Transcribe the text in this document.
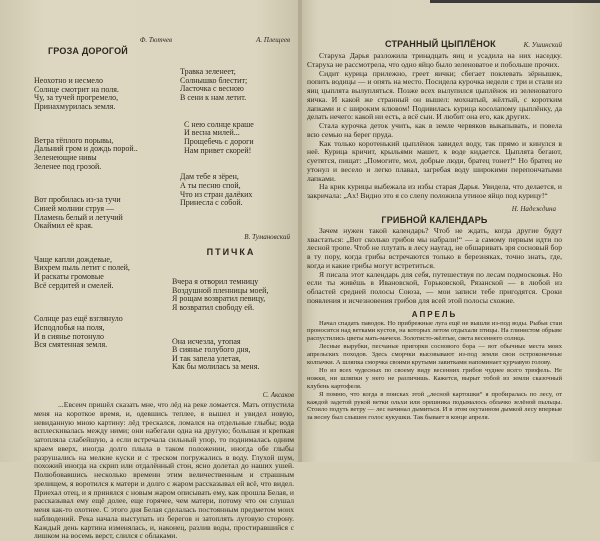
Ф. Тютчев
ГРОЗА ДОРОГОЙ

Неохотно и несмело
Солнце смотрит на поля.
Чу, за тучей прогремело,
Принахмурилась земля.

Ветра тёплого порывы,
Дальний гром и дождь порой..
Зеленеющие нивы
Зеленее под грозой.

Вот пробилась из-за тучи
Синей молнии струя —
Пламень белый и летучий
Окаймил её края.

Чаще капли дождевые,
Вихрем пыль летит с полей,
И раскаты громовые
Всё сердитей и смелей.

Солнце раз ещё взглянуло
Исподлобья на поля,
И в сиянье потонуло
Вся смятенная земля.

А. Плещеев

Травка зеленеет,
Солнышко блестит;
Ласточка с весною
В сени к нам летит.

С нею солнце краше
И весна милей...
Прощебечь с дороги
Нам привет скорей!

Дам тебе я зёрен,
А ты песню спой,
Что из стран далёких
Принесла с собой.

В. Тумановский
ПТИЧКА

Вчера я отворил темницу
Воздушной пленницы моей,
Я рощам возвратил певицу,
Я возвратил свободу ей.

Она исчезла, утопая
В сиянье голубого дня,
И так запела улетая,
Как бы молилась за меня.

С. Аксаков

...Евсеич пришёл сказать мне, что лёд на реке ломается. Мать отпустила меня на короткое время, и, одевшись теплее, я вышел и увидел новую, невиданную мною картину: лёд трескался, ломался на отдельные глыбы; вода всплескивалась между ними; они набегали одна на другую; большая и крепкая затопляла слабейшую, а если встречала сильный упор, то поднималась одним краем вверх, иногда долго плыла в таком положении, иногда обе глыбы разрушались на мелкие куски и с треском погружались в воду. Глухой шум, похожий иногда на скрип или отдалённый стон, ясно долетал до наших ушей. Полюбовавшись несколько времени этим величественным и страшным зрелищем, я воротился к матери и долго с жаром рассказывал ей всё, что видел. Приехал отец, и я принялся с новым жаром описывать ему, как прошла Белая, и рассказывал ему ещё долее, еще горячее, чем матери, потому что он слушал меня как-то охотнее. С этого дня Белая сделалась постоянным предметом моих наблюдений. Река начала выступать из берегов и затоплять луговую сторону. Каждый день картина изменялась, и, наконец, разлив воды, простиравшийся с лишком на восемь верст, слился с облаками.

СТРАННЫЙ ЦЫПЛЁНОК	К. Ушинский

Старуха Дарья разложила тринадцать яиц и усадила на них наседку. Старуха не рассмотрела, что одно яйцо было зеленоватое и побольше прочих.

Сидит курица прилежно, греет яички; сбегает поклевать зёрнышек, попить водицы — и опять на место. Посидела курочка недели с три и стали из яиц цыплята вылупляться. Позже всех вылупился цыплёнок из зеленоватого яичка. И какой же странный он вышел: мохнатый, жёлтый, с коротким лапками и с широким клювом! Подивилась курица косолапому цыплёнку, да делать нечего: какой ни есть, а всё сын. И любит она его, как других.

Стала курочка деток учить, как в земле червяков выкапывать, и повела всю семью на берег пруда.

Как только коротенький цыплёнок завидел воду, так прямо и кинулся в неё. Курица кричит, крыльями машет, к воде кидается. Цыплята бегают, суетятся, пищат: „Помогите, мол, добрые люди, братец тонет!“ Но братец не утонул и весело и легко плавал, загребая воду широкими перепончатыми лапками.

На крик курицы выбежала из избы старая Дарья. Увидела, что делается, и закричала: „Ах! Видно это я со слепу положила утиное яйцо под курицу!“

Н. Надеждина
ГРИБНОЙ КАЛЕНДАРЬ

Зачем нужен такой календарь? Чтоб не ждать, когда другие будут хвастаться: „Вот сколько грибов мы набрали!“ — а самому первым идти по лесной тропе. Чтоб не плутать в лесу наугад, не обшаривать зря сосновый бор в ту пору, когда грибы встречаются только в березняках, точно знать, где, когда и какие грибы могут встретиться.

Я писала этот календарь для себя, путешествуя по лесам подмосковья. Но если ты живёшь в Ивановской, Горьковской, Рязанской — в любой из областей средней полосы Союза, — мои записи тебе пригодятся. Сроки появления и исчезновения грибов для всей этой полосы схожие.

АПРЕЛЬ

Начал спадать паводок. Но прибрежные луга ещё не вышли из-под воды. Рыбьи стаи проносятся над ветками кустов, на которых летом отдыхали птицы. На глинистом обрыве распустились цветы мать-мачехи. Золотисто-жёлтые, света весеннего солнца.

Лесные вырубки, песчаные пригорки соснового бора — вот обычные места моих апрельских походов. Здесь сморчки высовывают из-под земли свои остроконечные колпачки. А шляпка сморчка своими крутыми завитками напоминает курчавую голову.

Но из всех чудесных по своему виду весенних грибов чуднее всего трюфель. Не ножки, ни шляпки у него не различишь. Кажется, вырыт тобой из земли сказочный клубень картофеля.

Я помню, что когда в поисках этой „лесной картошки“ я пробиралась по лесу, от каждой задетой рукой ветки ольхи или орешника подымалось облачко зелёной пыльцы. Стоило подуть ветру — лес начинал дымиться. И в этом окутанном дымкой лесу впервые за весну был слышен голос кукушки. Так бывает в конце апреля.
